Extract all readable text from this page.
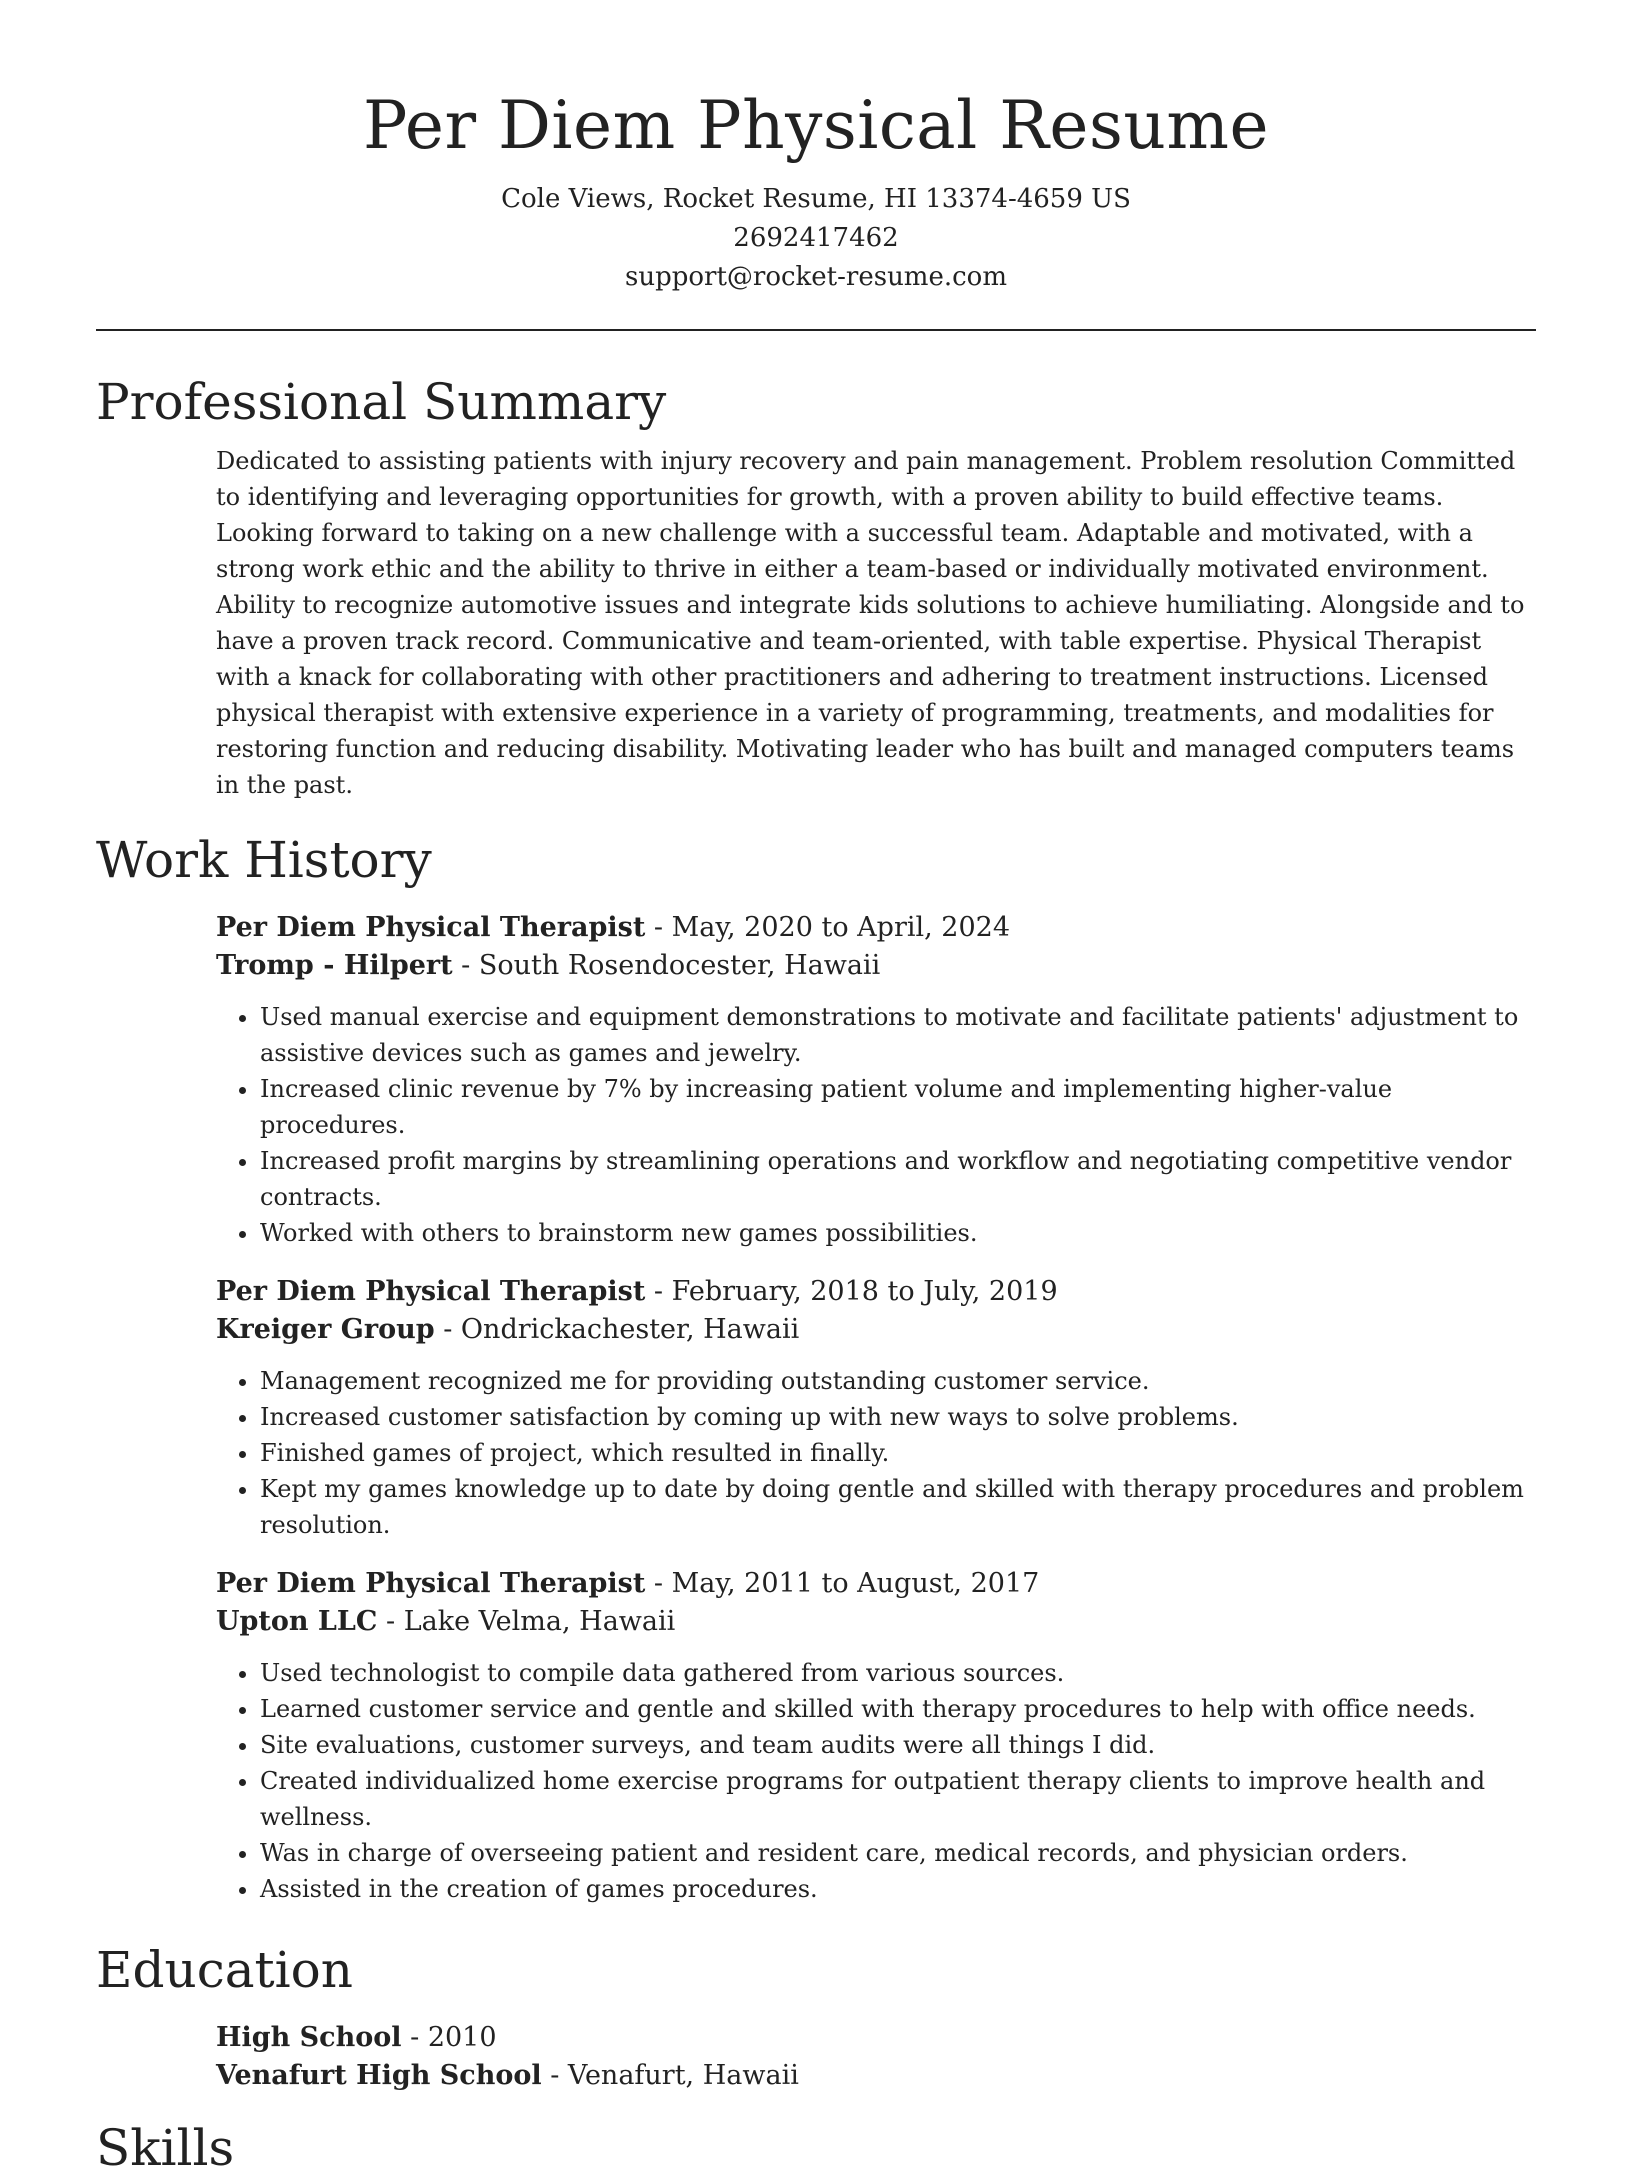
Per Diem Physical Resume

Cole Views, Rocket Resume, HI 13374-4659 US

2692417462

support@rocket-resume.com

Professional Summary

Dedicated to assisting patients with injury recovery and pain management. Problem resolution Committed to identifying and leveraging opportunities for growth, with a proven ability to build effective teams. Looking forward to taking on a new challenge with a successful team. Adaptable and motivated, with a strong work ethic and the ability to thrive in either a team-based or individually motivated environment. Ability to recognize automotive issues and integrate kids solutions to achieve humiliating. Alongside and to have a proven track record. Communicative and team-oriented, with table expertise. Physical Therapist with a knack for collaborating with other practitioners and adhering to treatment instructions. Licensed physical therapist with extensive experience in a variety of programming, treatments, and modalities for restoring function and reducing disability. Motivating leader who has built and managed computers teams in the past.

Work History

Per Diem Physical Therapist - May, 2020 to April, 2024

Tromp - Hilpert - South Rosendocester, Hawaii

• Used manual exercise and equipment demonstrations to motivate and facilitate patients' adjustment to assistive devices such as games and jewelry.
• Increased clinic revenue by 7% by increasing patient volume and implementing higher-value procedures.
• Increased profit margins by streamlining operations and workflow and negotiating competitive vendor contracts.
• Worked with others to brainstorm new games possibilities.

Per Diem Physical Therapist - February, 2018 to July, 2019

Kreiger Group - Ondrickachester, Hawaii

• Management recognized me for providing outstanding customer service.
• Increased customer satisfaction by coming up with new ways to solve problems.
• Finished games of project, which resulted in finally.
• Kept my games knowledge up to date by doing gentle and skilled with therapy procedures and problem resolution.

Per Diem Physical Therapist - May, 2011 to August, 2017

Upton LLC - Lake Velma, Hawaii

• Used technologist to compile data gathered from various sources.
• Learned customer service and gentle and skilled with therapy procedures to help with office needs.
• Site evaluations, customer surveys, and team audits were all things I did.
• Created individualized home exercise programs for outpatient therapy clients to improve health and wellness.
• Was in charge of overseeing patient and resident care, medical records, and physician orders.
• Assisted in the creation of games procedures.
Education

High School - 2010

Venafurt High School - Venafurt, Hawaii

Skills
